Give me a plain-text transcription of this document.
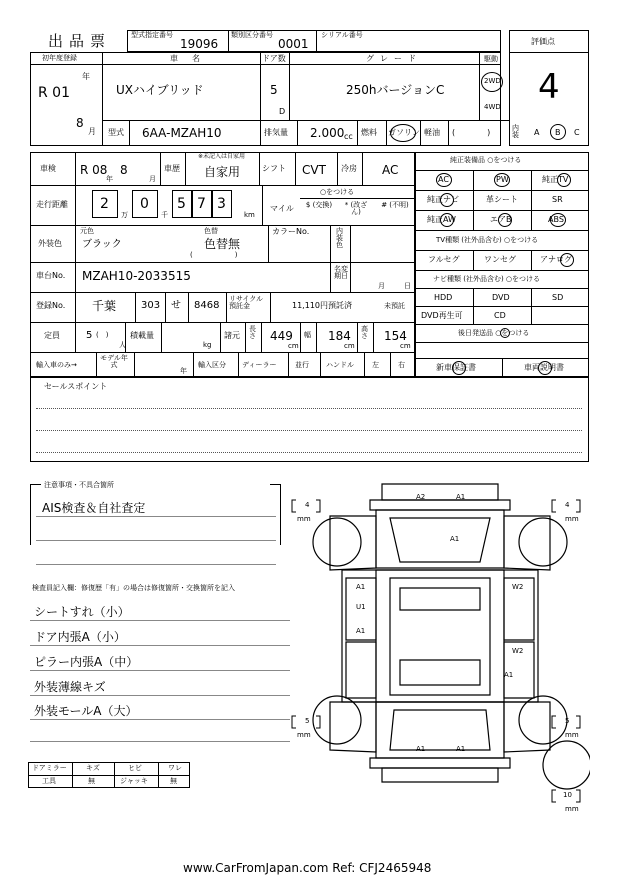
出品票	型式指定番号
19096
類別区分番号
0001
シリアル番号
評価点
4
初年度登録
R 01
年
8
月
車名
UXハイブリッド
ドア数
5
D
グレード
250hバージョンC
駆動
2WD
4WD
型式 6AA-MZAH10	排気量 2.000 cc 燃料 ガソリン 軽油 (　　　　)	内装 A B C
車検 R 08
年
8
月
車歴
※未記入は自家用
自家用	シフト CVT 冷房 AC
走行距離 2 0 5 7 3
万	千	km
マイル
○をつける
$ (交換)	* (改ざん)
# (不明)
外装色
元色
ブラック
色替
色替無
(　　　　　　)
カラーNo.	内装色
車台No. MZAH10-2033515	名変期日
月	日
登録No. 千葉 303 せ 8468
リサイクル預託金	11,110円預託済	未預託
定員	5 (　)
人
積載量
kg
諸元
長さ 449
cm
幅 184
cm
高さ 154
cm
輸入車のみ→
モデル年式
年
輸入区分 ディーラー	並行 ハンドル	左	右
純正装備品 ○をつける
AC	PW	純正TV
純正ナビ	革シート	SR
純正AW	エアB	ABS
TV種類 (社外品含む) ○をつける
フルセグ	ワンセグ	アナログ
ナビ種類 (社外品含む) ○をつける
HDD	DVD	SD
DVD再生可	CD
後日発送品 ○をつける
新車保証書	車両説明書
セールスポイント
注意事項・不具合箇所
AIS検査＆自社査定
検査員記入欄：修復歴「有」の場合は修復箇所・交換箇所を記入
シートすれ（小）
ドア内張A（小）
ピラー内張A（中）
外装薄線キズ
外装モールA（大）
ドアミラー	キズ	ヒビ	ワレ
工具	無	ジャッキ	無
A2	A1
A1
A1
U1
A1
W2
W2
A1
A1	A1
4
mm
4
mm
5
mm
5
mm
10
mm
www.CarFromJapan.com Ref: CFJ2465948
